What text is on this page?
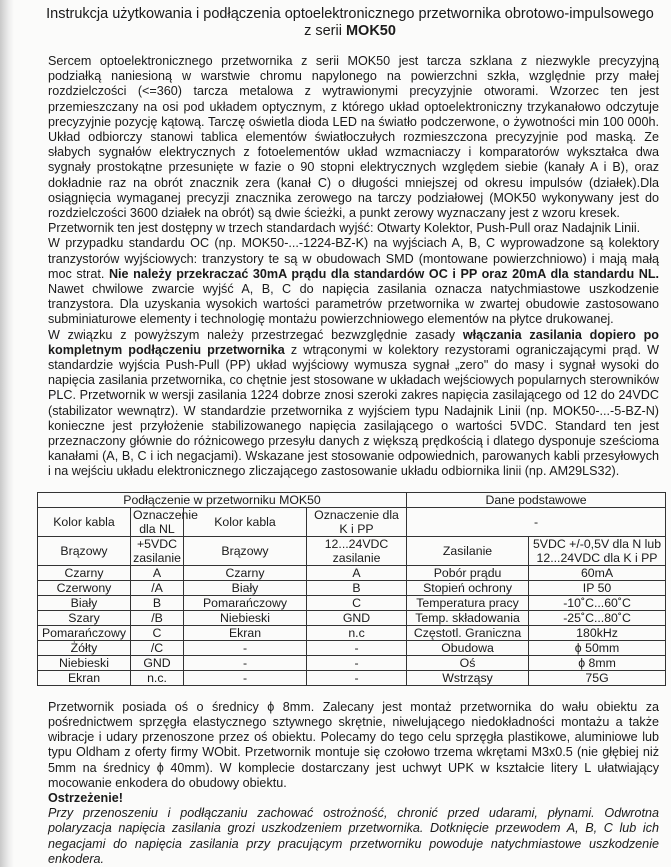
Instrukcja użytkowania i podłączenia optoelektronicznego przetwornika obrotowo-impulsowego
z serii MOK50

Sercem optoelektronicznego przetwornika z serii MOK50 jest tarcza szklana z niezwykle precyzyjną podziałką naniesioną w warstwie chromu napylonego na powierzchni szkła, względnie przy małej rozdzielczości (<=360) tarcza metalowa z wytrawionymi precyzyjnie otworami. Wzorzec ten jest przemieszczany na osi pod układem optycznym, z którego układ optoelektroniczny trzykanałowo odczytuje precyzyjnie pozycję kątową. Tarczę oświetla dioda LED na światło podczerwone, o żywotności min 100 000h. Układ odbiorczy stanowi tablica elementów światłoczułych rozmieszczona precyzyjnie pod maską. Ze słabych sygnałów elektrycznych z fotoelementów układ wzmacniaczy i komparatorów wykształca dwa sygnały prostokątne przesunięte w fazie o 90 stopni elektrycznych względem siebie (kanały A i B), oraz dokładnie raz na obrót znacznik zera (kanał C) o długości mniejszej od okresu impulsów (działek).Dla osiągnięcia wymaganej precyzji znacznika zerowego na tarczy podziałowej (MOK50 wykonywany jest do rozdzielczości 3600 działek na obrót) są dwie ścieżki, a punkt zerowy wyznaczany jest z wzoru kresek.

Przetwornik ten jest dostępny w trzech standardach wyjść: Otwarty Kolektor, Push-Pull oraz Nadajnik Linii.

W przypadku standardu OC (np. MOK50-...-1224-BZ-K) na wyjściach A, B, C wyprowadzone są kolektory tranzystorów wyjściowych: tranzystory te są w obudowach SMD (montowane powierzchniowo) i mają małą moc strat. Nie należy przekraczać 30mA prądu dla standardów OC i PP oraz 20mA dla standardu NL. Nawet chwilowe zwarcie wyjść A, B, C do napięcia zasilania oznacza natychmiastowe uszkodzenie tranzystora. Dla uzyskania wysokich wartości parametrów przetwornika w zwartej obudowie zastosowano subminiaturowe elementy i technologię montażu powierzchniowego elementów na płytce drukowanej.

W związku z powyższym należy przestrzegać bezwzględnie zasady włączania zasilania dopiero po kompletnym podłączeniu przetwornika z wtrąconymi w kolektory rezystorami ograniczającymi prąd. W standardzie wyjścia Push-Pull (PP) układ wyjściowy wymusza sygnał „zero" do masy i sygnał wysoki do napięcia zasilania przetwornika, co chętnie jest stosowane w układach wejściowych popularnych sterowników PLC. Przetwornik w wersji zasilania 1224 dobrze znosi szeroki zakres napięcia zasilającego od 12 do 24VDC (stabilizator wewnątrz). W standardzie przetwornika z wyjściem typu Nadajnik Linii (np. MOK50-...-5-BZ-N) konieczne jest przyłożenie stabilizowanego napięcia zasilającego o wartości 5VDC. Standard ten jest przeznaczony głównie do różnicowego przesyłu danych z większą prędkością i dlatego dysponuje sześcioma kanałami (A, B, C i ich negacjami). Wskazane jest stosowanie odpowiednich, parowanych kabli przesyłowych i na wejściu układu elektronicznego zliczającego zastosowanie układu odbiornika linii (np. AM29LS32).

Podłączenie w przetworniku MOK50				Dane podstawowe	
Kolor kabla	Oznaczenie dla NL	Kolor kabla	Oznaczenie dla K i PP	-	
Brązowy	+5VDC zasilanie	Brązowy	12...24VDC zasilanie	Zasilanie	5VDC +/-0,5V dla N lub 12...24VDC dla K i PP
Czarny	A	Czarny	A	Pobór prądu	60mA
Czerwony	/A	Biały	B	Stopień ochrony	IP 50
Biały	B	Pomarańczowy	C	Temperatura pracy	-10˚C...60˚C
Szary	/B	Niebieski	GND	Temp. składowania	-25˚C...80˚C
Pomarańczowy	C	Ekran	n.c	Częstotl. Graniczna	180kHz
Żółty	/C	-	-	Obudowa	ϕ 50mm
Niebieski	GND	-	-	Oś	ϕ 8mm
Ekran	n.c.	-	-	Wstrząsy	75G

Przetwornik posiada oś o średnicy ϕ 8mm. Zalecany jest montaż przetwornika do wału obiektu za pośrednictwem sprzęgła elastycznego sztywnego skrętnie, niwelującego niedokładności montażu a także wibracje i udary przenoszone przez oś obiektu. Polecamy do tego celu sprzęgła plastikowe, aluminiowe lub typu Oldham z oferty firmy WObit. Przetwornik montuje się czołowo trzema wkrętami M3x0.5 (nie głębiej niż 5mm na średnicy ϕ 40mm). W komplecie dostarczany jest uchwyt UPK w kształcie litery L ułatwiający mocowanie enkodera do obudowy obiektu.

Ostrzeżenie!

Przy przenoszeniu i podłączaniu zachować ostrożność, chronić przed udarami, płynami. Odwrotna polaryzacja napięcia zasilania grozi uszkodzeniem przetwornika. Dotknięcie przewodem A, B, C lub ich negacjami do napięcia zasilania przy pracującym przetworniku powoduje natychmiastowe uszkodzenie enkodera.
